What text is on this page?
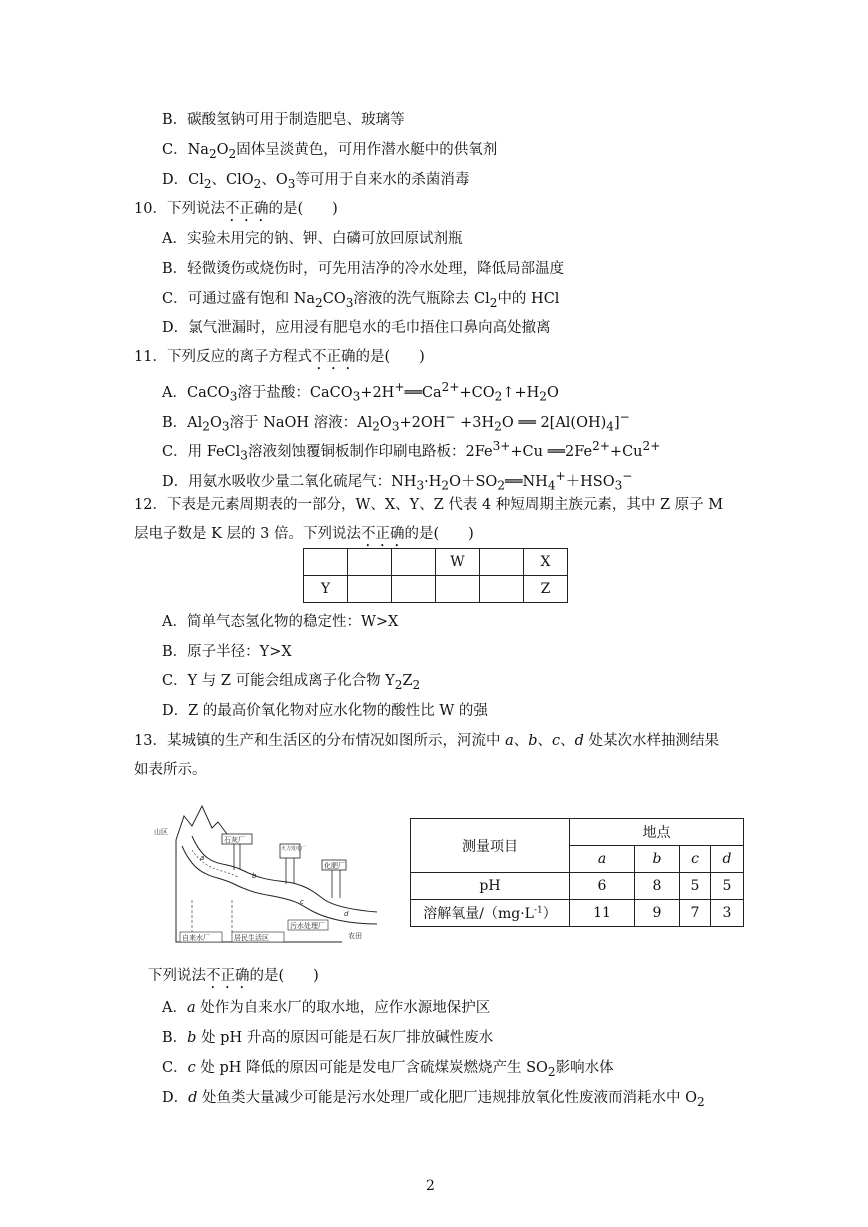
B．碳酸氢钠可用于制造肥皂、玻璃等
C．$Na_2O_2$固体呈淡黄色，可用作潜水艇中的供氧剂
D．$Cl_2$、ClO$_2$、$O_3$等可用于自来水的杀菌消毒
10．下列说法不正确的是(　　)
A．实验未用完的钠、钾、白磷可放回原试剂瓶
B．轻微烫伤或烧伤时，可先用洁净的冷水处理，降低局部温度
C．可通过盛有饱和 $Na_2CO_3$溶液的洗气瓶除去 $Cl_2$中的 HCl
D．氯气泄漏时，应用浸有肥皂水的毛巾捂住口鼻向高处撤离
11．下列反应的离子方程式不正确的是(　　)
A．CaCO$_3$溶于盐酸：$CaCO_3+2H^+══Ca^{2+}+CO_2↑+H_2O$
B．$Al_2O_3$溶于 NaOH 溶液：$Al_2O_3+2OH^- +3H_2O$ ══ $2[Al(OH)_4]^-$
C．用 FeCl$_3$溶液刻蚀覆铜板制作印刷电路板：$2Fe^{3+}+Cu$ $══2Fe^{2+}+Cu^{2+}$
D．用氨水吸收少量二氧化硫尾气：$NH_3\cdot H_2O+SO_2══NH_4^++HSO_3^-$
12．下表是元素周期表的一部分，W、X、Y、Z 代表 4 种短周期主族元素，其中 Z 原子 M
层电子数是 K 层的 3 倍。下列说法不正确的是(　　)
			W		X
Y					Z
A．简单气态氢化物的稳定性：W>X
B．原子半径：Y>X
C．Y 与 Z 可能会组成离子化合物 $Y_2Z_2$
D．Z 的最高价氧化物对应水化物的酸性比 W 的强
13．某城镇的生产和生活区的分布情况如图所示，河流中 a、b、c、d 处某次水样抽测结果
如表所示。
山区
石灰厂
火力发电厂
化肥厂
a
b
c
d
自来水厂	居民生活区
污水处理厂
农田
测量项目	地点			
	a	b	c	d
pH	6	8	5	5
溶解氧量$/(mg\cdot L^{-1})$	11	9	7	3
下列说法不正确的是(　　)
A．a 处作为自来水厂的取水地，应作水源地保护区
B．b 处 pH 升高的原因可能是石灰厂排放碱性废水
C．c 处 pH 降低的原因可能是发电厂含硫煤炭燃烧产生 $SO_2$影响水体
D．d 处鱼类大量减少可能是污水处理厂或化肥厂违规排放氧化性废液而消耗水中 $O_2$
2
